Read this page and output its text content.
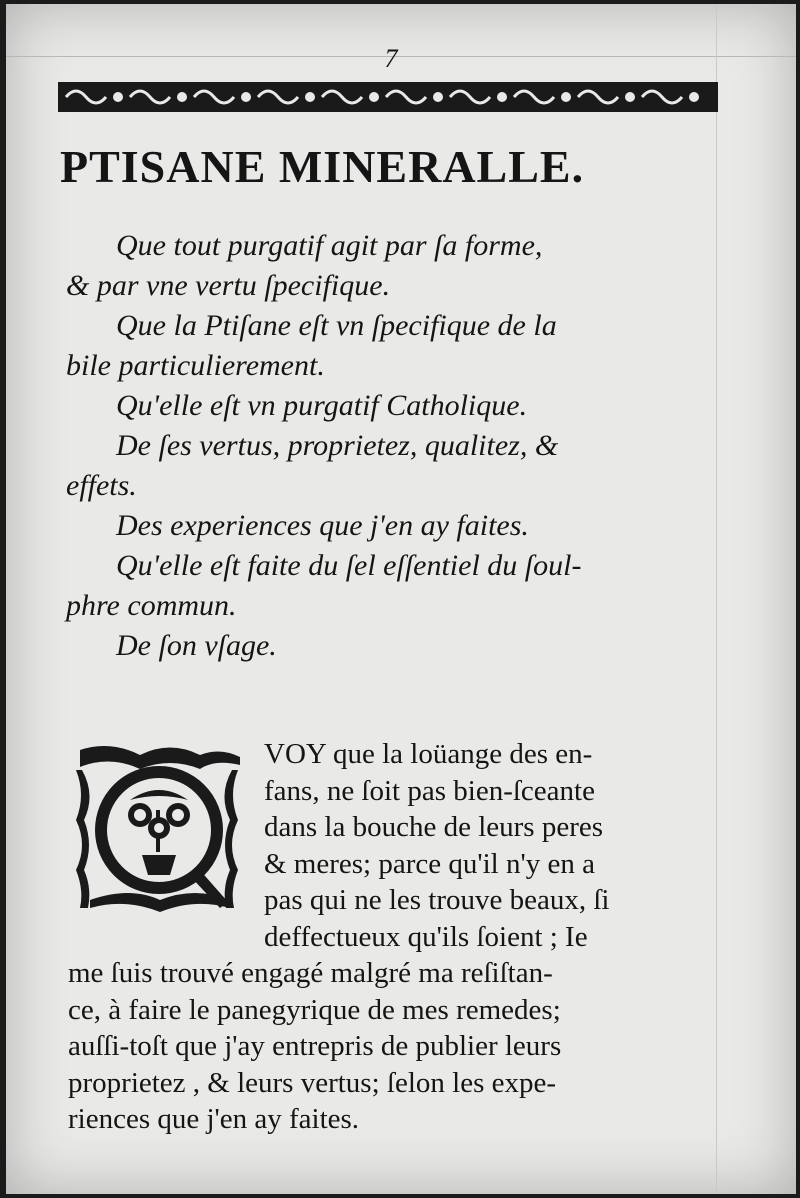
7
PTISANE MINERALLE.
Que tout purgatif agit par ſa forme,
& par vne vertu ſpecifique.
Que la Ptiſane eſt vn ſpecifique de la
bile particulierement.
Qu'elle eſt vn purgatif Catholique.
De ſes vertus, proprietez, qualitez, &
effets.
Des experiences que j'en ay faites.
Qu'elle eſt faite du ſel eſſentiel du ſoul-
phre commun.
De ſon vſage.
VOY que la loüange des en-
fans, ne ſoit pas bien-ſceante
dans la bouche de leurs peres
& meres; parce qu'il n'y en a
pas qui ne les trouve beaux, ſi
deffectueux qu'ils ſoient ; Ie
me ſuis trouvé engagé malgré ma reſiſtan-
ce, à faire le panegyrique de mes remedes;
auſſi-toſt que j'ay entrepris de publier leurs
proprietez , & leurs vertus; ſelon les expe-
riences que j'en ay faites.
